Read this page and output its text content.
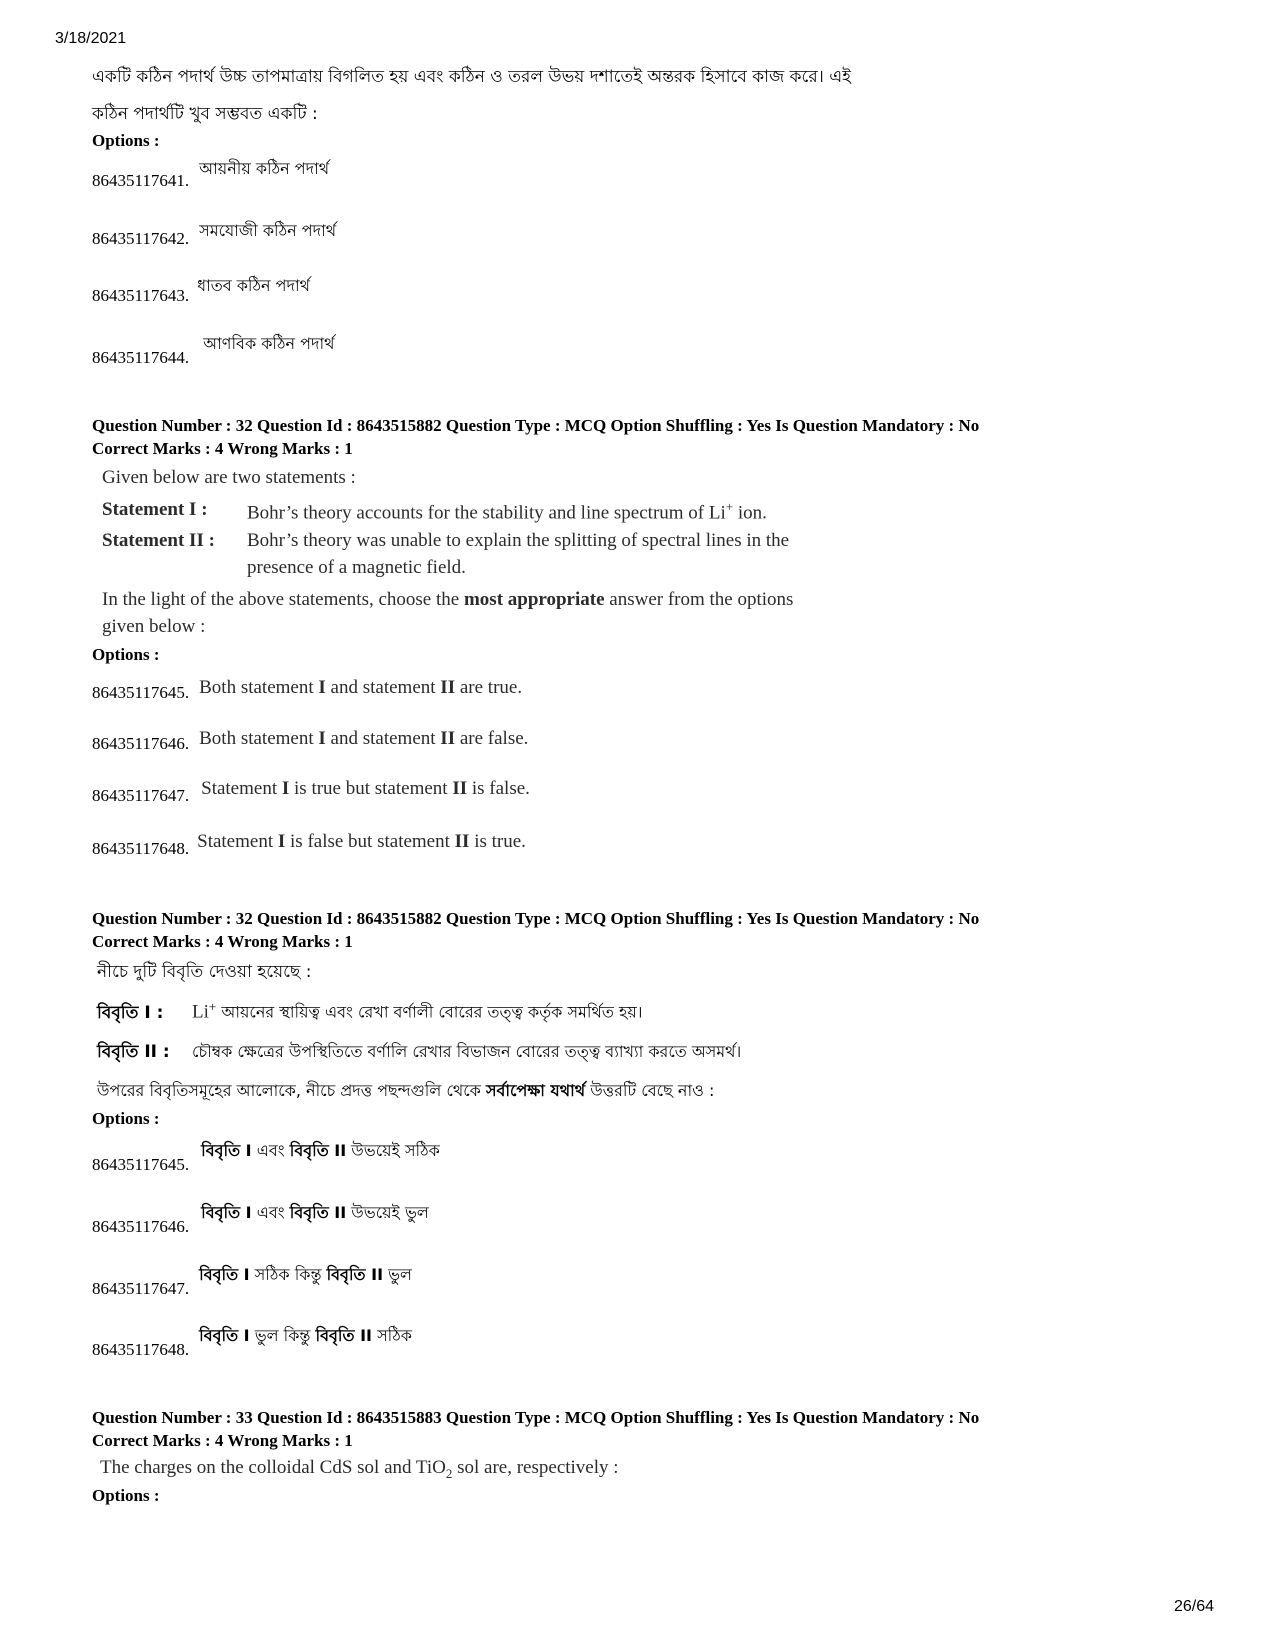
3/18/2021
26/64
একটি কঠিন পদার্থ উচ্চ তাপমাত্রায় বিগলিত হয় এবং কঠিন ও তরল উভয় দশাতেই অন্তরক হিসাবে কাজ করে। এই
কঠিন পদার্থটি খুব সম্ভবত একটি :
Options :
86435117641. আয়নীয় কঠিন পদার্থ
86435117642. সমযোজী কঠিন পদার্থ
86435117643. ধাতব কঠিন পদার্থ
86435117644. আণবিক কঠিন পদার্থ
Question Number : 32 Question Id : 8643515882 Question Type : MCQ Option Shuffling : Yes Is Question Mandatory : No
Correct Marks : 4 Wrong Marks : 1
Given below are two statements :
Statement I : Bohr’s theory accounts for the stability and line spectrum of Li+ ion.
Statement II : Bohr’s theory was unable to explain the splitting of spectral lines in the
presence of a magnetic field.
In the light of the above statements, choose the most appropriate answer from the options
given below :
Options :
86435117645. Both statement I and statement II are true.
86435117646. Both statement I and statement II are false.
86435117647. Statement I is true but statement II is false.
86435117648. Statement I is false but statement II is true.
Question Number : 32 Question Id : 8643515882 Question Type : MCQ Option Shuffling : Yes Is Question Mandatory : No
Correct Marks : 4 Wrong Marks : 1
নীচে দুটি বিবৃতি দেওয়া হয়েছে :
বিবৃতি I : Li+ আয়নের স্থায়িত্ব এবং রেখা বর্ণালী বোরের তত্ত্ব কর্তৃক সমর্থিত হয়।
বিবৃতি II : চৌম্বক ক্ষেত্রের উপস্থিতিতে বর্ণালি রেখার বিভাজন বোরের তত্ত্ব ব্যাখ্যা করতে অসমর্থ।
উপরের বিবৃতিসমূহের আলোকে, নীচে প্রদত্ত পছন্দগুলি থেকে সর্বাপেক্ষা যথার্থ উত্তরটি বেছে নাও :
Options :
86435117645. বিবৃতি I এবং বিবৃতি II উভয়েই সঠিক
86435117646. বিবৃতি I এবং বিবৃতি II উভয়েই ভুল
86435117647. বিবৃতি I সঠিক কিন্তু বিবৃতি II ভুল
86435117648. বিবৃতি I ভুল কিন্তু বিবৃতি II সঠিক
Question Number : 33 Question Id : 8643515883 Question Type : MCQ Option Shuffling : Yes Is Question Mandatory : No
Correct Marks : 4 Wrong Marks : 1
The charges on the colloidal CdS sol and TiO$_2$ sol are, respectively :
Options :
